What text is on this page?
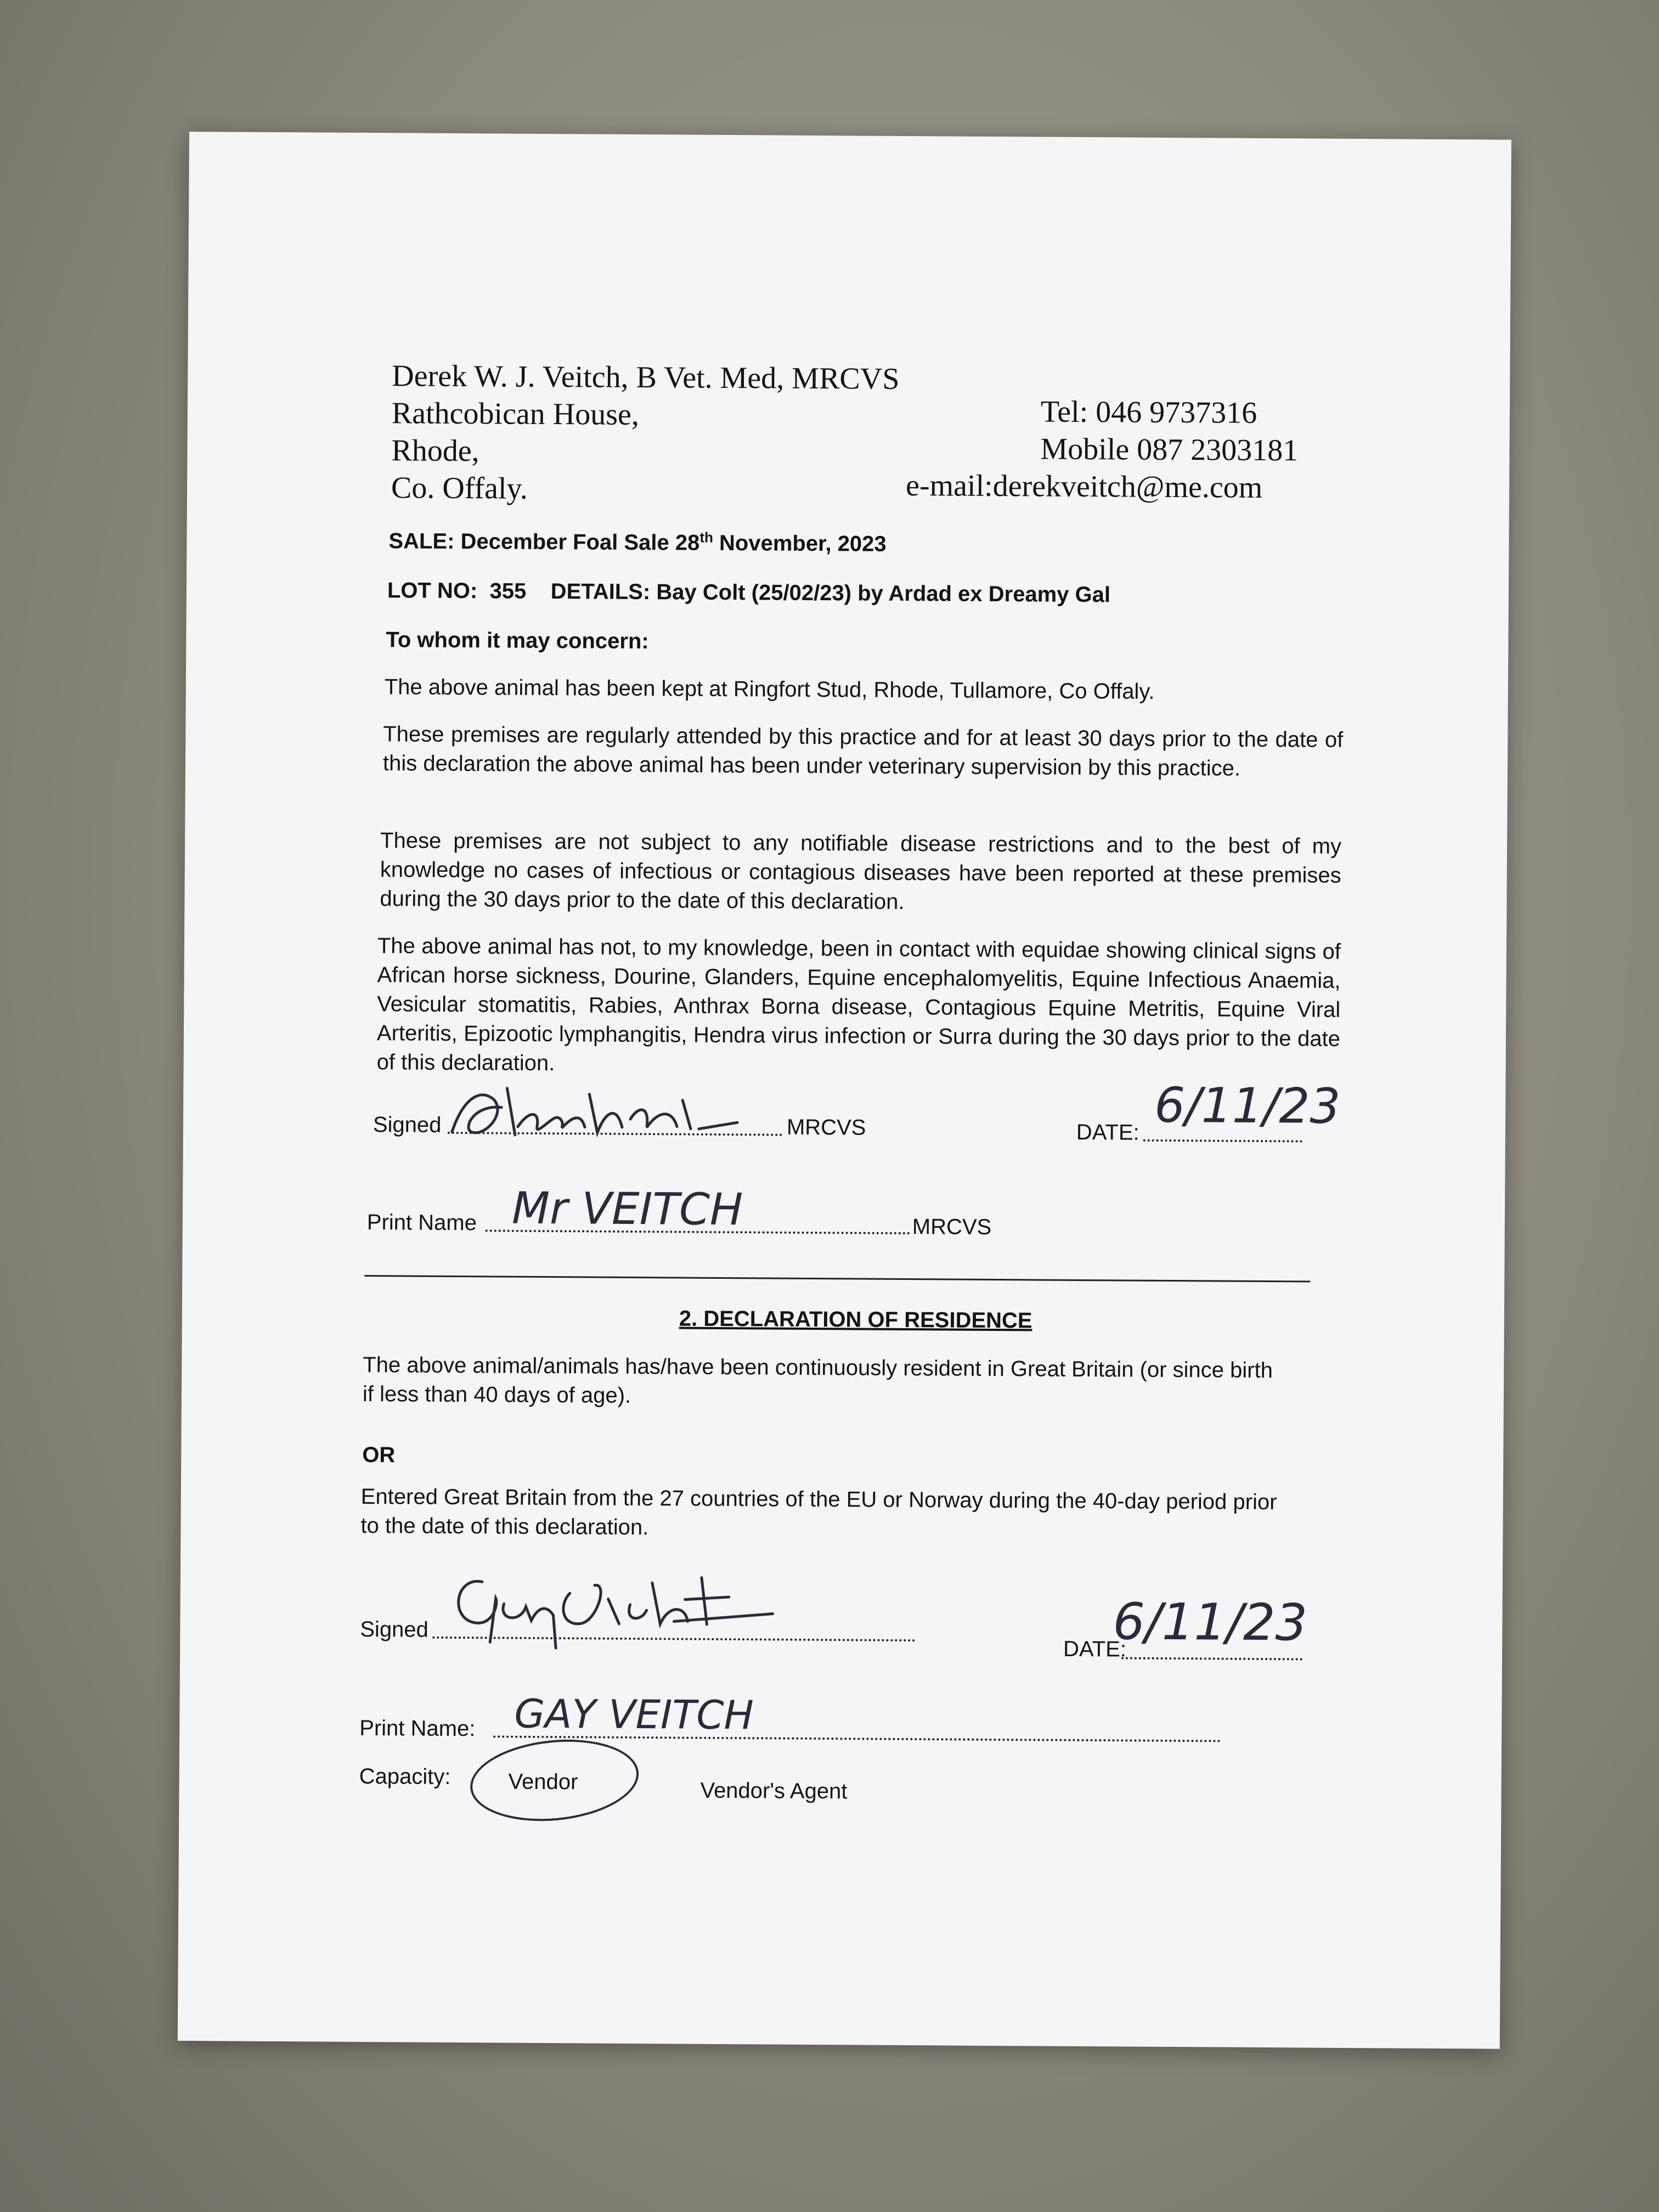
Derek W. J. Veitch, B Vet. Med, MRCVS
Rathcobican House,
Rhode,
Co. Offaly.
Tel: 046 9737316
Mobile 087 2303181
e-mail:derekveitch@me.com
SALE: December Foal Sale 28th November, 2023
LOT NO: 355 DETAILS: Bay Colt (25/02/23) by Ardad ex Dreamy Gal
To whom it may concern:
The above animal has been kept at Ringfort Stud, Rhode, Tullamore, Co Offaly.
These premises are regularly attended by this practice and for at least 30 days prior to the date of this declaration the above animal has been under veterinary supervision by this practice.
These premises are not subject to any notifiable disease restrictions and to the best of my knowledge no cases of infectious or contagious diseases have been reported at these premises during the 30 days prior to the date of this declaration.
The above animal has not, to my knowledge, been in contact with equidae showing clinical signs of African horse sickness, Dourine, Glanders, Equine encephalomyelitis, Equine Infectious Anaemia, Vesicular stomatitis, Rabies, Anthrax Borna disease, Contagious Equine Metritis, Equine Viral Arteritis, Epizootic lymphangitis, Hendra virus infection or Surra during the 30 days prior to the date of this declaration.
Signed	MRCVS	DATE: 6/11/23
Print Name Mr VEITCH	MRCVS
2. DECLARATION OF RESIDENCE
The above animal/animals has/have been continuously resident in Great Britain (or since birth if less than 40 days of age).
OR
Entered Great Britain from the 27 countries of the EU or Norway during the 40-day period prior to the date of this declaration.
Signed
DATE:
6/11/23
Print Name: GAY VEITCH
Capacity:	Vendor	Vendor's Agent
